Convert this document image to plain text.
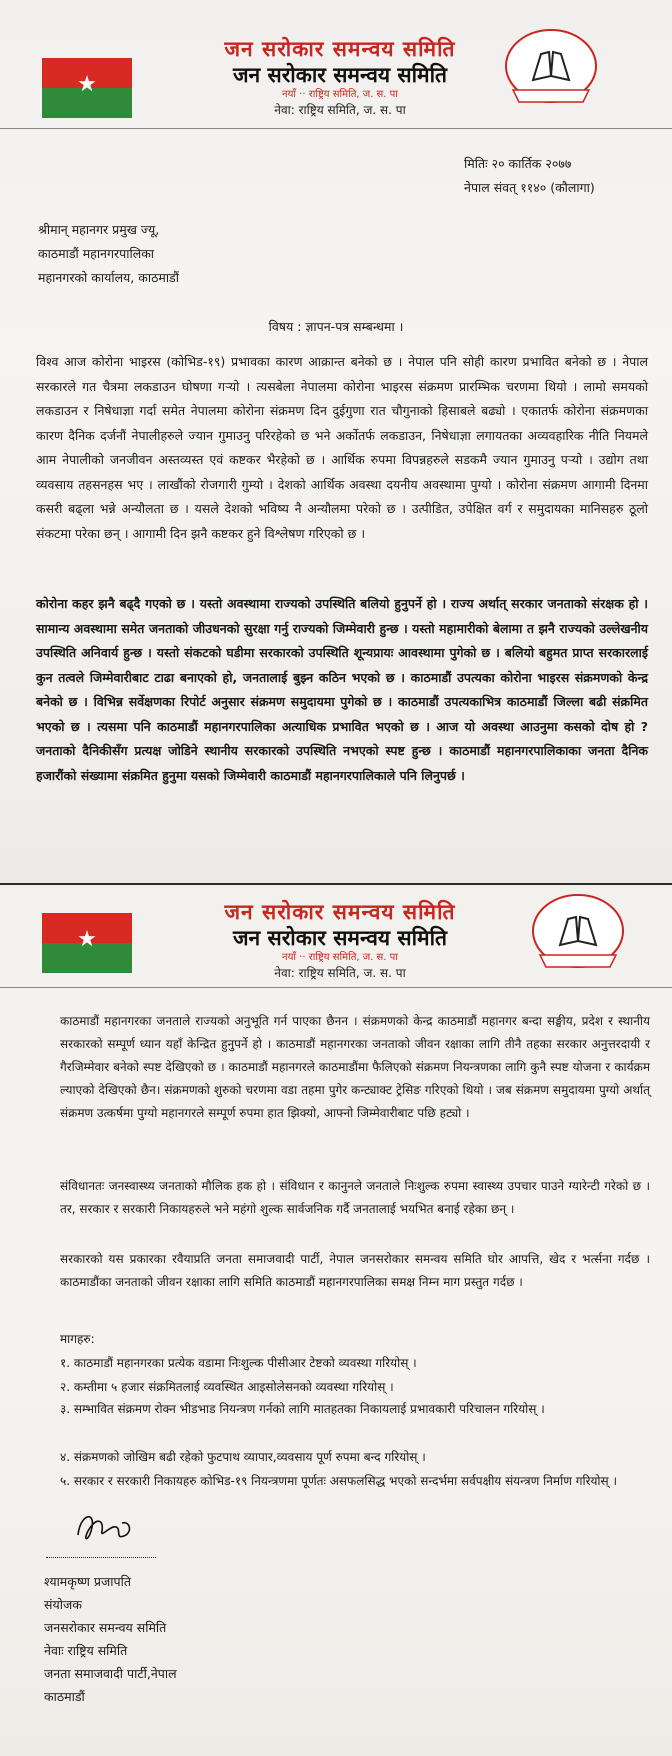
★
जन सरोकार समन्वय समिति
जन सरोकार समन्वय समिति
नयाँ ·· राष्ट्रिय समिति, ज. स. पा
नेवा: राष्ट्रिय समिति, ज. स. पा
मितिः २० कार्तिक २०७७
नेपाल संवत् ११४० (कौलागा)
श्रीमान् महानगर प्रमुख ज्यू,
काठमाडौं महानगरपालिका
महानगरको कार्यालय, काठमाडौं
विषय : ज्ञापन-पत्र सम्बन्धमा ।
विश्व आज कोरोना भाइरस (कोभिड-१९) प्रभावका कारण आक्रान्त बनेको छ । नेपाल पनि सोही कारण प्रभावित बनेको छ । नेपाल सरकारले गत चैत्रमा लकडाउन घोषणा गर्‍यो । त्यसबेला नेपालमा कोरोना भाइरस संक्रमण प्रारम्भिक चरणमा थियो । लामो समयको लकडाउन र निषेधाज्ञा गर्दा समेत नेपालमा कोरोना संक्रमण दिन दुईगुणा रात चौगुनाको हिसाबले बढ्यो । एकातर्फ कोरोना संक्रमणका कारण दैनिक दर्जनौं नेपालीहरुले ज्यान गुमाउनु परिरहेको छ भने अर्कोतर्फ लकडाउन, निषेधाज्ञा लगायतका अव्यवहारिक नीति नियमले आम नेपालीको जनजीवन अस्तव्यस्त एवं कष्टकर भैरहेको छ । आर्थिक रुपमा विपन्नहरुले सडकमै ज्यान गुमाउनु पर्‍यो । उद्योग तथा व्यवसाय तहसनहस भए । लाखौंको रोजगारी गुम्यो । देशको आर्थिक अवस्था दयनीय अवस्थामा पुग्यो । कोरोना संक्रमण आगामी दिनमा कसरी बढ्ला भन्ने अन्यौलता छ । यसले देशको भविष्य नै अन्यौलमा परेको छ । उत्पीडित, उपेक्षित वर्ग र समुदायका मानिसहरु ठूलो संकटमा परेका छन् । आगामी दिन झनै कष्टकर हुने विश्लेषण गरिएको छ ।
कोरोना कहर झनै बढ्दै गएको छ । यस्तो अवस्थामा राज्यको उपस्थिति बलियो हुनुपर्ने हो । राज्य अर्थात् सरकार जनताको संरक्षक हो । सामान्य अवस्थामा समेत जनताको जीउधनको सुरक्षा गर्नु राज्यको जिम्मेवारी हुन्छ । यस्तो महामारीको बेलामा त झनै राज्यको उल्लेखनीय उपस्थिति अनिवार्य हुन्छ । यस्तो संकटको घडीमा सरकारको उपस्थिति शून्यप्रायः आवस्थामा पुगेको छ । बलियो बहुमत प्राप्त सरकारलाई कुन तत्वले जिम्मेवारीबाट टाढा बनाएको हो, जनतालाई बुझ्न कठिन भएको छ । काठमाडौं उपत्यका कोरोना भाइरस संक्रमणको केन्द्र बनेको छ । विभिन्न सर्वेक्षणका रिपोर्ट अनुसार संक्रमण समुदायमा पुगेको छ । काठमाडौं उपत्यकाभित्र काठमाडौं जिल्ला बढी संक्रमित भएको छ । त्यसमा पनि काठमाडौं महानगरपालिका अत्याधिक प्रभावित भएको छ । आज यो अवस्था आउनुमा कसको दोष हो ? जनताको दैनिकीसँग प्रत्यक्ष जोडिने स्थानीय सरकारको उपस्थिति नभएको स्पष्ट हुन्छ । काठमाडौं महानगरपालिकाका जनता दैनिक हजारौंको संख्यामा संक्रमित हुनुमा यसको जिम्मेवारी काठमाडौं महानगरपालिकाले पनि लिनुपर्छ ।
★
जन सरोकार समन्वय समिति
जन सरोकार समन्वय समिति
नयाँ ·· राष्ट्रिय समिति, ज. स. पा
नेवा: राष्ट्रिय समिति, ज. स. पा
काठमाडौं महानगरका जनताले राज्यको अनुभूति गर्न पाएका छैनन । संक्रमणको केन्द्र काठमाडौं महानगर बन्दा सङ्घीय, प्रदेश र स्थानीय सरकारको सम्पूर्ण ध्यान यहाँ केन्द्रित हुनुपर्ने हो । काठमाडौं महानगरका जनताको जीवन रक्षाका लागि तीनै तहका सरकार अनुत्तरदायी र गैरजिम्मेवार बनेको स्पष्ट देखिएको छ । काठमाडौं महानगरले काठमाडौंमा फैलिएको संक्रमण नियन्त्रणका लागि कुनै स्पष्ट योजना र कार्यक्रम ल्याएको देखिएको छैन। संक्रमणको शुरुको चरणमा वडा तहमा पुगेर कन्ट्याक्ट ट्रेसिङ गरिएको थियो । जब संक्रमण समुदायमा पुग्यो अर्थात् संक्रमण उत्कर्षमा पुग्यो महानगरले सम्पूर्ण रुपमा हात झिक्यो, आफ्नो जिम्मेवारीबाट पछि हट्यो ।
संविधानतः जनस्वास्थ्य जनताको मौलिक हक हो । संविधान र कानुनले जनताले निःशुल्क रुपमा स्वास्थ्य उपचार पाउने ग्यारेन्टी गरेको छ । तर, सरकार र सरकारी निकायहरुले भने महंगो शुल्क सार्वजनिक गर्दै जनतालाई भयभित बनाई रहेका छन् ।
सरकारको यस प्रकारका रवैयाप्रति जनता समाजवादी पार्टी, नेपाल जनसरोकार समन्वय समिति घोर आपत्ति, खेद र भर्त्सना गर्दछ । काठमाडौंका जनताको जीवन रक्षाका लागि समिति काठमाडौं महानगरपालिका समक्ष निम्न माग प्रस्तुत गर्दछ ।
मागहरु:
१. काठमाडौं महानगरका प्रत्येक वडामा निःशुल्क पीसीआर टेष्टको व्यवस्था गरियोस् ।
२. कम्तीमा ५ हजार संक्रमितलाई व्यवस्थित आइसोलेसनको व्यवस्था गरियोस् ।
३. सम्भावित संक्रमण रोक्न भीडभाड नियन्त्रण गर्नको लागि मातहतका निकायलाई प्रभावकारी परिचालन गरियोस् ।
४. संक्रमणको जोखिम बढी रहेको फुटपाथ व्यापार,व्यवसाय पूर्ण रुपमा बन्द गरियोस् ।
५. सरकार र सरकारी निकायहरु कोभिड-१९ नियन्त्रणमा पूर्णतः असफलसिद्ध भएको सन्दर्भमा सर्वपक्षीय संयन्त्रण निर्माण गरियोस् ।
श्यामकृष्ण प्रजापति
संयोजक
जनसरोकार समन्वय समिति
नेवाः राष्ट्रिय समिति
जनता समाजवादी पार्टी,नेपाल
काठमाडौं
